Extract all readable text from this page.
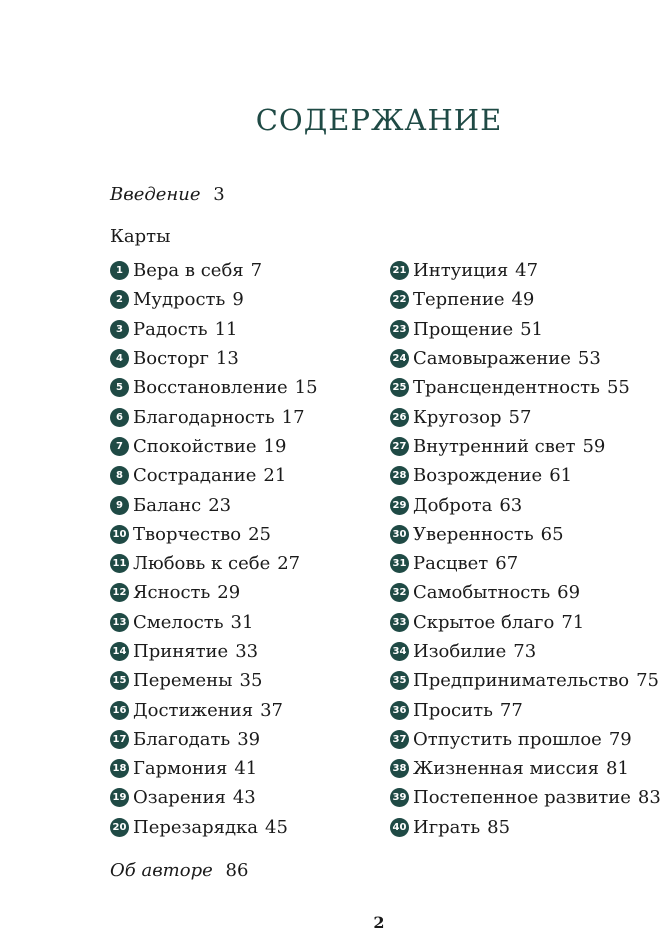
СОДЕРЖАНИЕ
Введение 3
Карты
1 Вера в себя 7
2 Мудрость 9
3 Радость 11
4 Восторг 13
5 Восстановление 15
6 Благодарность 17
7 Спокойствие 19
8 Сострадание 21
9 Баланс 23
10 Творчество 25
11 Любовь к себе 27
12 Ясность 29
13 Смелость 31
14 Принятие 33
15 Перемены 35
16 Достижения 37
17 Благодать 39
18 Гармония 41
19 Озарения 43
20 Перезарядка 45
21 Интуиция 47
22 Терпение 49
23 Прощение 51
24 Самовыражение 53
25 Трансцендентность 55
26 Кругозор 57
27 Внутренний свет 59
28 Возрождение 61
29 Доброта 63
30 Уверенность 65
31 Расцвет 67
32 Самобытность 69
33 Скрытое благо 71
34 Изобилие 73
35 Предпринимательство 75
36 Просить 77
37 Отпустить прошлое 79
38 Жизненная миссия 81
39 Постепенное развитие 83
40 Играть 85
Об авторе 86
2
